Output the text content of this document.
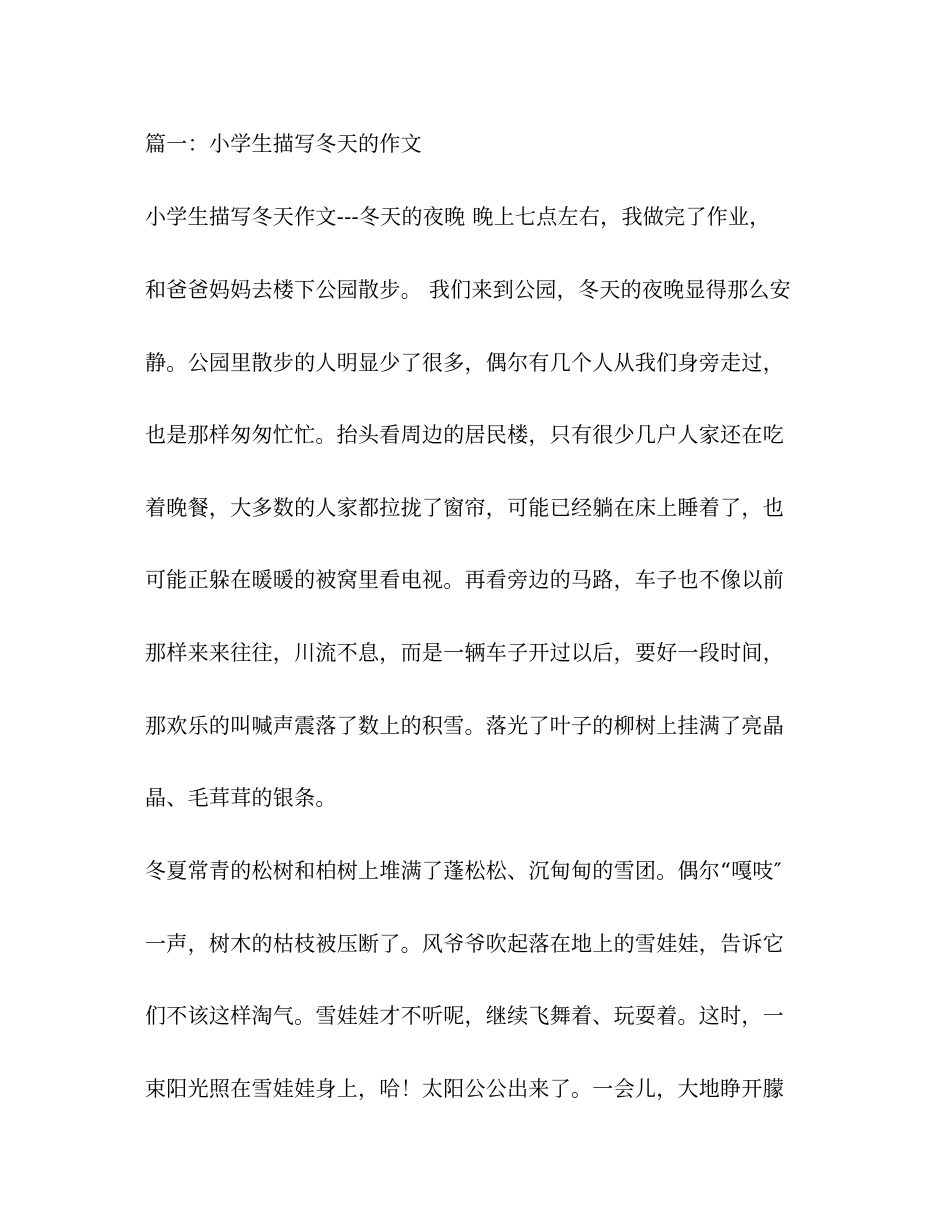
篇一：小学生描写冬天的作文
小学生描写冬天作文---冬天的夜晚 晚上七点左右，我做完了作业，
和爸爸妈妈去楼下公园散步。 我们来到公园，冬天的夜晚显得那么安
静。公园里散步的人明显少了很多，偶尔有几个人从我们身旁走过，
也是那样匆匆忙忙。抬头看周边的居民楼，只有很少几户人家还在吃
着晚餐，大多数的人家都拉拢了窗帘，可能已经躺在床上睡着了，也
可能正躲在暖暖的被窝里看电视。再看旁边的马路，车子也不像以前
那样来来往往，川流不息，而是一辆车子开过以后，要好一段时间，
那欢乐的叫喊声震落了数上的积雪。落光了叶子的柳树上挂满了亮晶
晶、毛茸茸的银条。
冬夏常青的松树和柏树上堆满了蓬松松、沉甸甸的雪团。偶尔“嘎吱″
一声，树木的枯枝被压断了。风爷爷吹起落在地上的雪娃娃，告诉它
们不该这样淘气。雪娃娃才不听呢，继续飞舞着、玩耍着。这时，一
束阳光照在雪娃娃身上，哈！太阳公公出来了。一会儿，大地睁开朦
